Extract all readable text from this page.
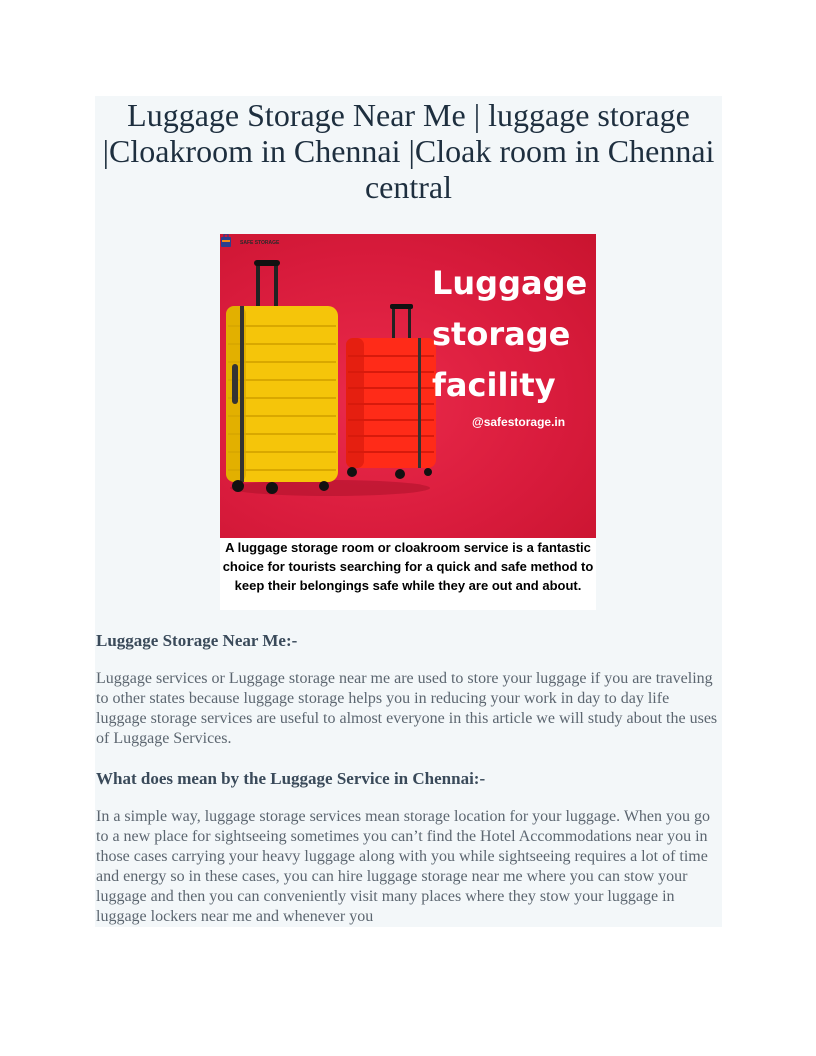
Luggage Storage Near Me | luggage storage |Cloakroom in Chennai |Cloak room in Chennai central
SAFE STORAGE
Luggage storage facility
@safestorage.in
A luggage storage room or cloakroom service is a fantastic choice for tourists searching for a quick and safe method to keep their belongings safe while they are out and about.
Luggage Storage Near Me:-

Luggage services or Luggage storage near me are used to store your luggage if you are traveling to other states because luggage storage helps you in reducing your work in day to day life luggage storage services are useful to almost everyone in this article we will study about the uses of Luggage Services.

What does mean by the Luggage Service in Chennai:-

In a simple way, luggage storage services mean storage location for your luggage. When you go to a new place for sightseeing sometimes you can’t find the Hotel Accommodations near you in those cases carrying your heavy luggage along with you while sightseeing requires a lot of time and energy so in these cases, you can hire luggage storage near me where you can stow your luggage and then you can conveniently visit many places where they stow your luggage in luggage lockers near me and whenever you
